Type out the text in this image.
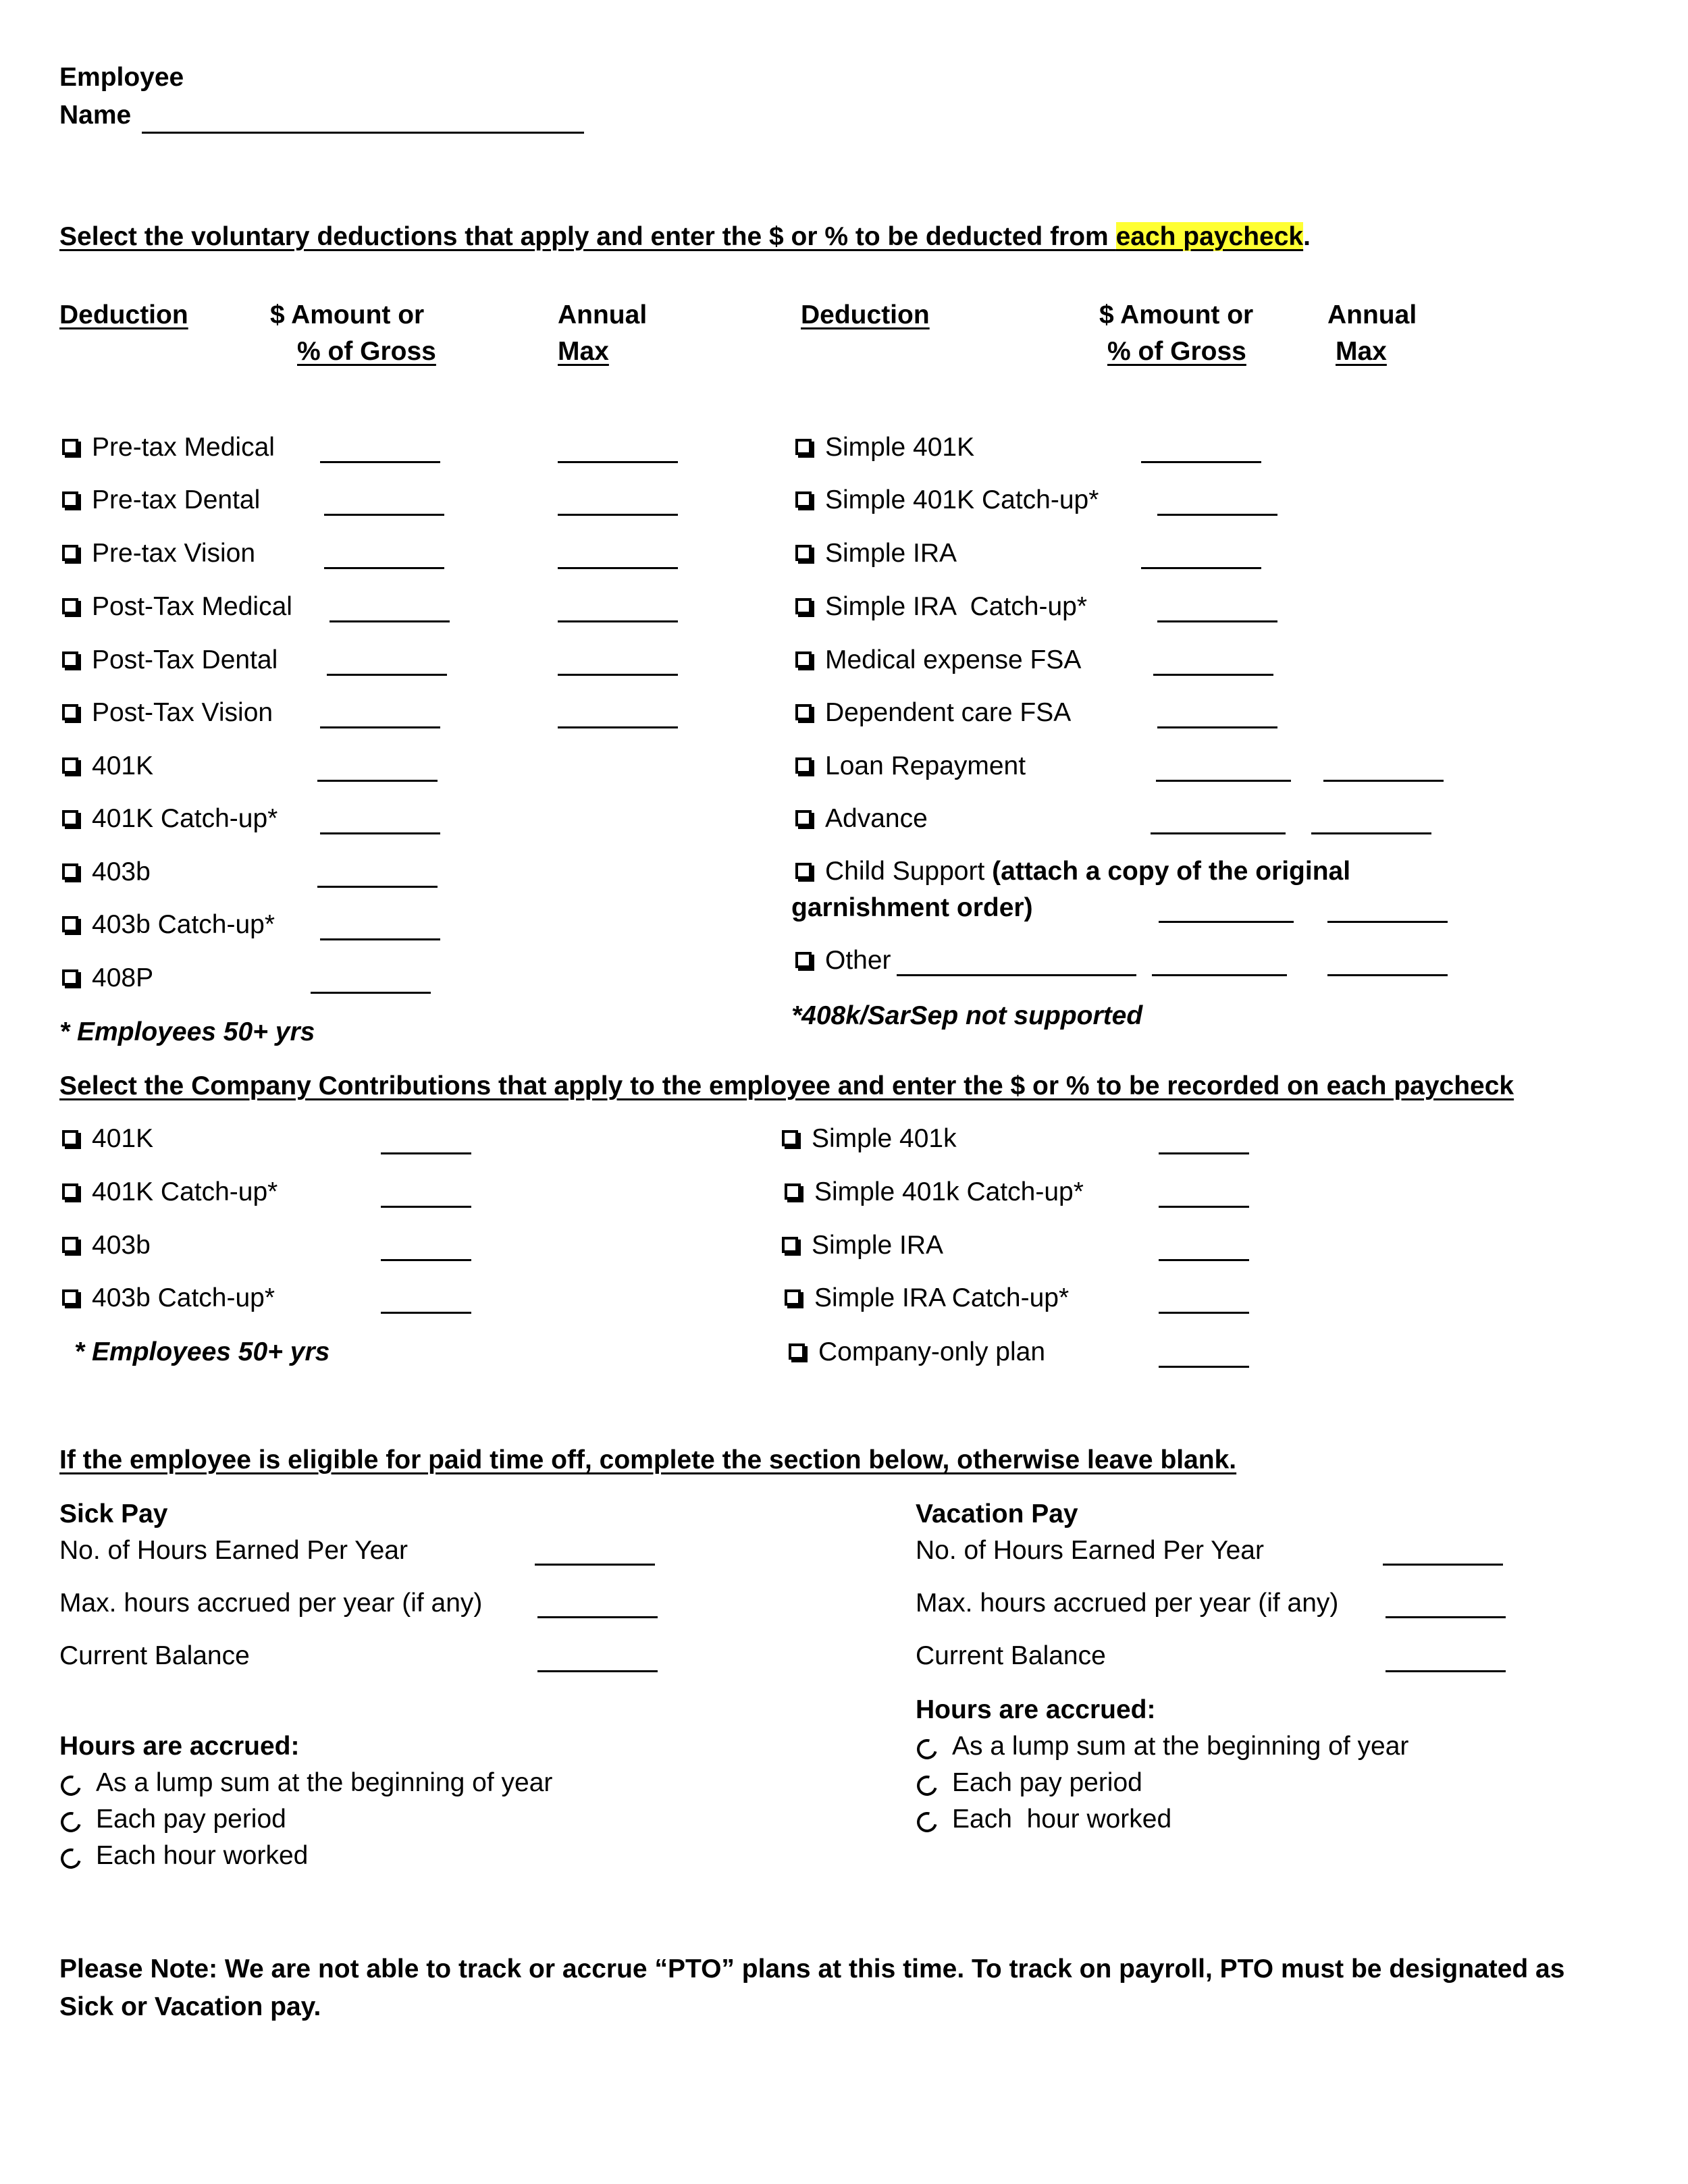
Employee
Name
Select the voluntary deductions that apply and enter the $ or % to be deducted from each paycheck.
Deduction	$ Amount or
% of Gross
Annual
Max
Deduction	$ Amount or
% of Gross
Annual
Max
Pre-tax Medical
Pre-tax Dental
Pre-tax Vision
Post-Tax Medical
Post-Tax Dental
Post-Tax Vision
401K
401K Catch-up*
403b
403b Catch-up*
408P
Simple 401K
Simple 401K Catch-up*
Simple IRA
Simple IRA  Catch-up*
Medical expense FSA
Dependent care FSA
Loan Repayment
Advance
Child Support (attach a copy of the original
garnishment order)
Other
* Employees 50+ yrs
*408k/SarSep not supported
Select the Company Contributions that apply to the employee and enter the $ or % to be recorded on each paycheck
401K
401K Catch-up*
403b
403b Catch-up*
Simple 401k
Simple 401k Catch-up*
Simple IRA
Simple IRA Catch-up*
Company-only plan
* Employees 50+ yrs
If the employee is eligible for paid time off, complete the section below, otherwise leave blank.
Sick Pay
No. of Hours Earned Per Year
Max. hours accrued per year (if any)
Current Balance
Hours are accrued:
As a lump sum at the beginning of year
Each pay period
Each hour worked
Vacation Pay
No. of Hours Earned Per Year
Max. hours accrued per year (if any)
Current Balance
Hours are accrued:
As a lump sum at the beginning of year
Each pay period
Each  hour worked
Please Note: We are not able to track or accrue “PTO” plans at this time. To track on payroll, PTO must be designated as
Sick or Vacation pay.
